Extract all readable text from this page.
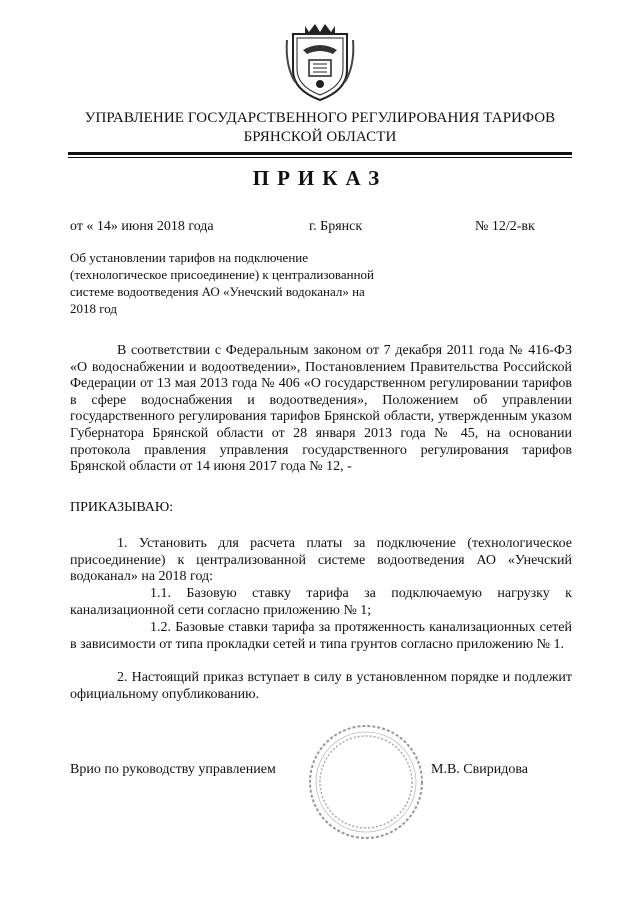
УПРАВЛЕНИЕ ГОСУДАРСТВЕННОГО РЕГУЛИРОВАНИЯ ТАРИФОВ
БРЯНСКОЙ ОБЛАСТИ
ПРИКАЗ
от « 14» июня 2018 года	г. Брянск	№ 12/2-вк
Об установлении тарифов на подключение
(технологическое присоединение) к централизованной
системе водоотведения АО «Унечский водоканал» на
2018 год
В соответствии с Федеральным законом от 7 декабря 2011 года № 416-ФЗ «О водоснабжении и водоотведении», Постановлением Правительства Российской Федерации от 13 мая 2013 года № 406 «О государственном регулировании тарифов в сфере водоснабжения и водоотведения», Положением об управлении государственного регулирования тарифов Брянской области, утвержденным указом Губернатора Брянской области от 28 января 2013 года № 45, на основании протокола правления управления государственного регулирования тарифов Брянской области от 14 июня 2017 года № 12, -
ПРИКАЗЫВАЮ:
1. Установить для расчета платы за подключение (технологическое присоединение) к централизованной системе водоотведения АО «Унечский водоканал» на 2018 год:
1.1. Базовую ставку тарифа за подключаемую нагрузку к канализационной сети согласно приложению № 1;
1.2. Базовые ставки тарифа за протяженность канализационных сетей в зависимости от типа прокладки сетей и типа грунтов согласно приложению № 1.
2. Настоящий приказ вступает в силу в установленном порядке и подлежит официальному опубликованию.
Врио по руководству управлением	М.В. Свиридова
